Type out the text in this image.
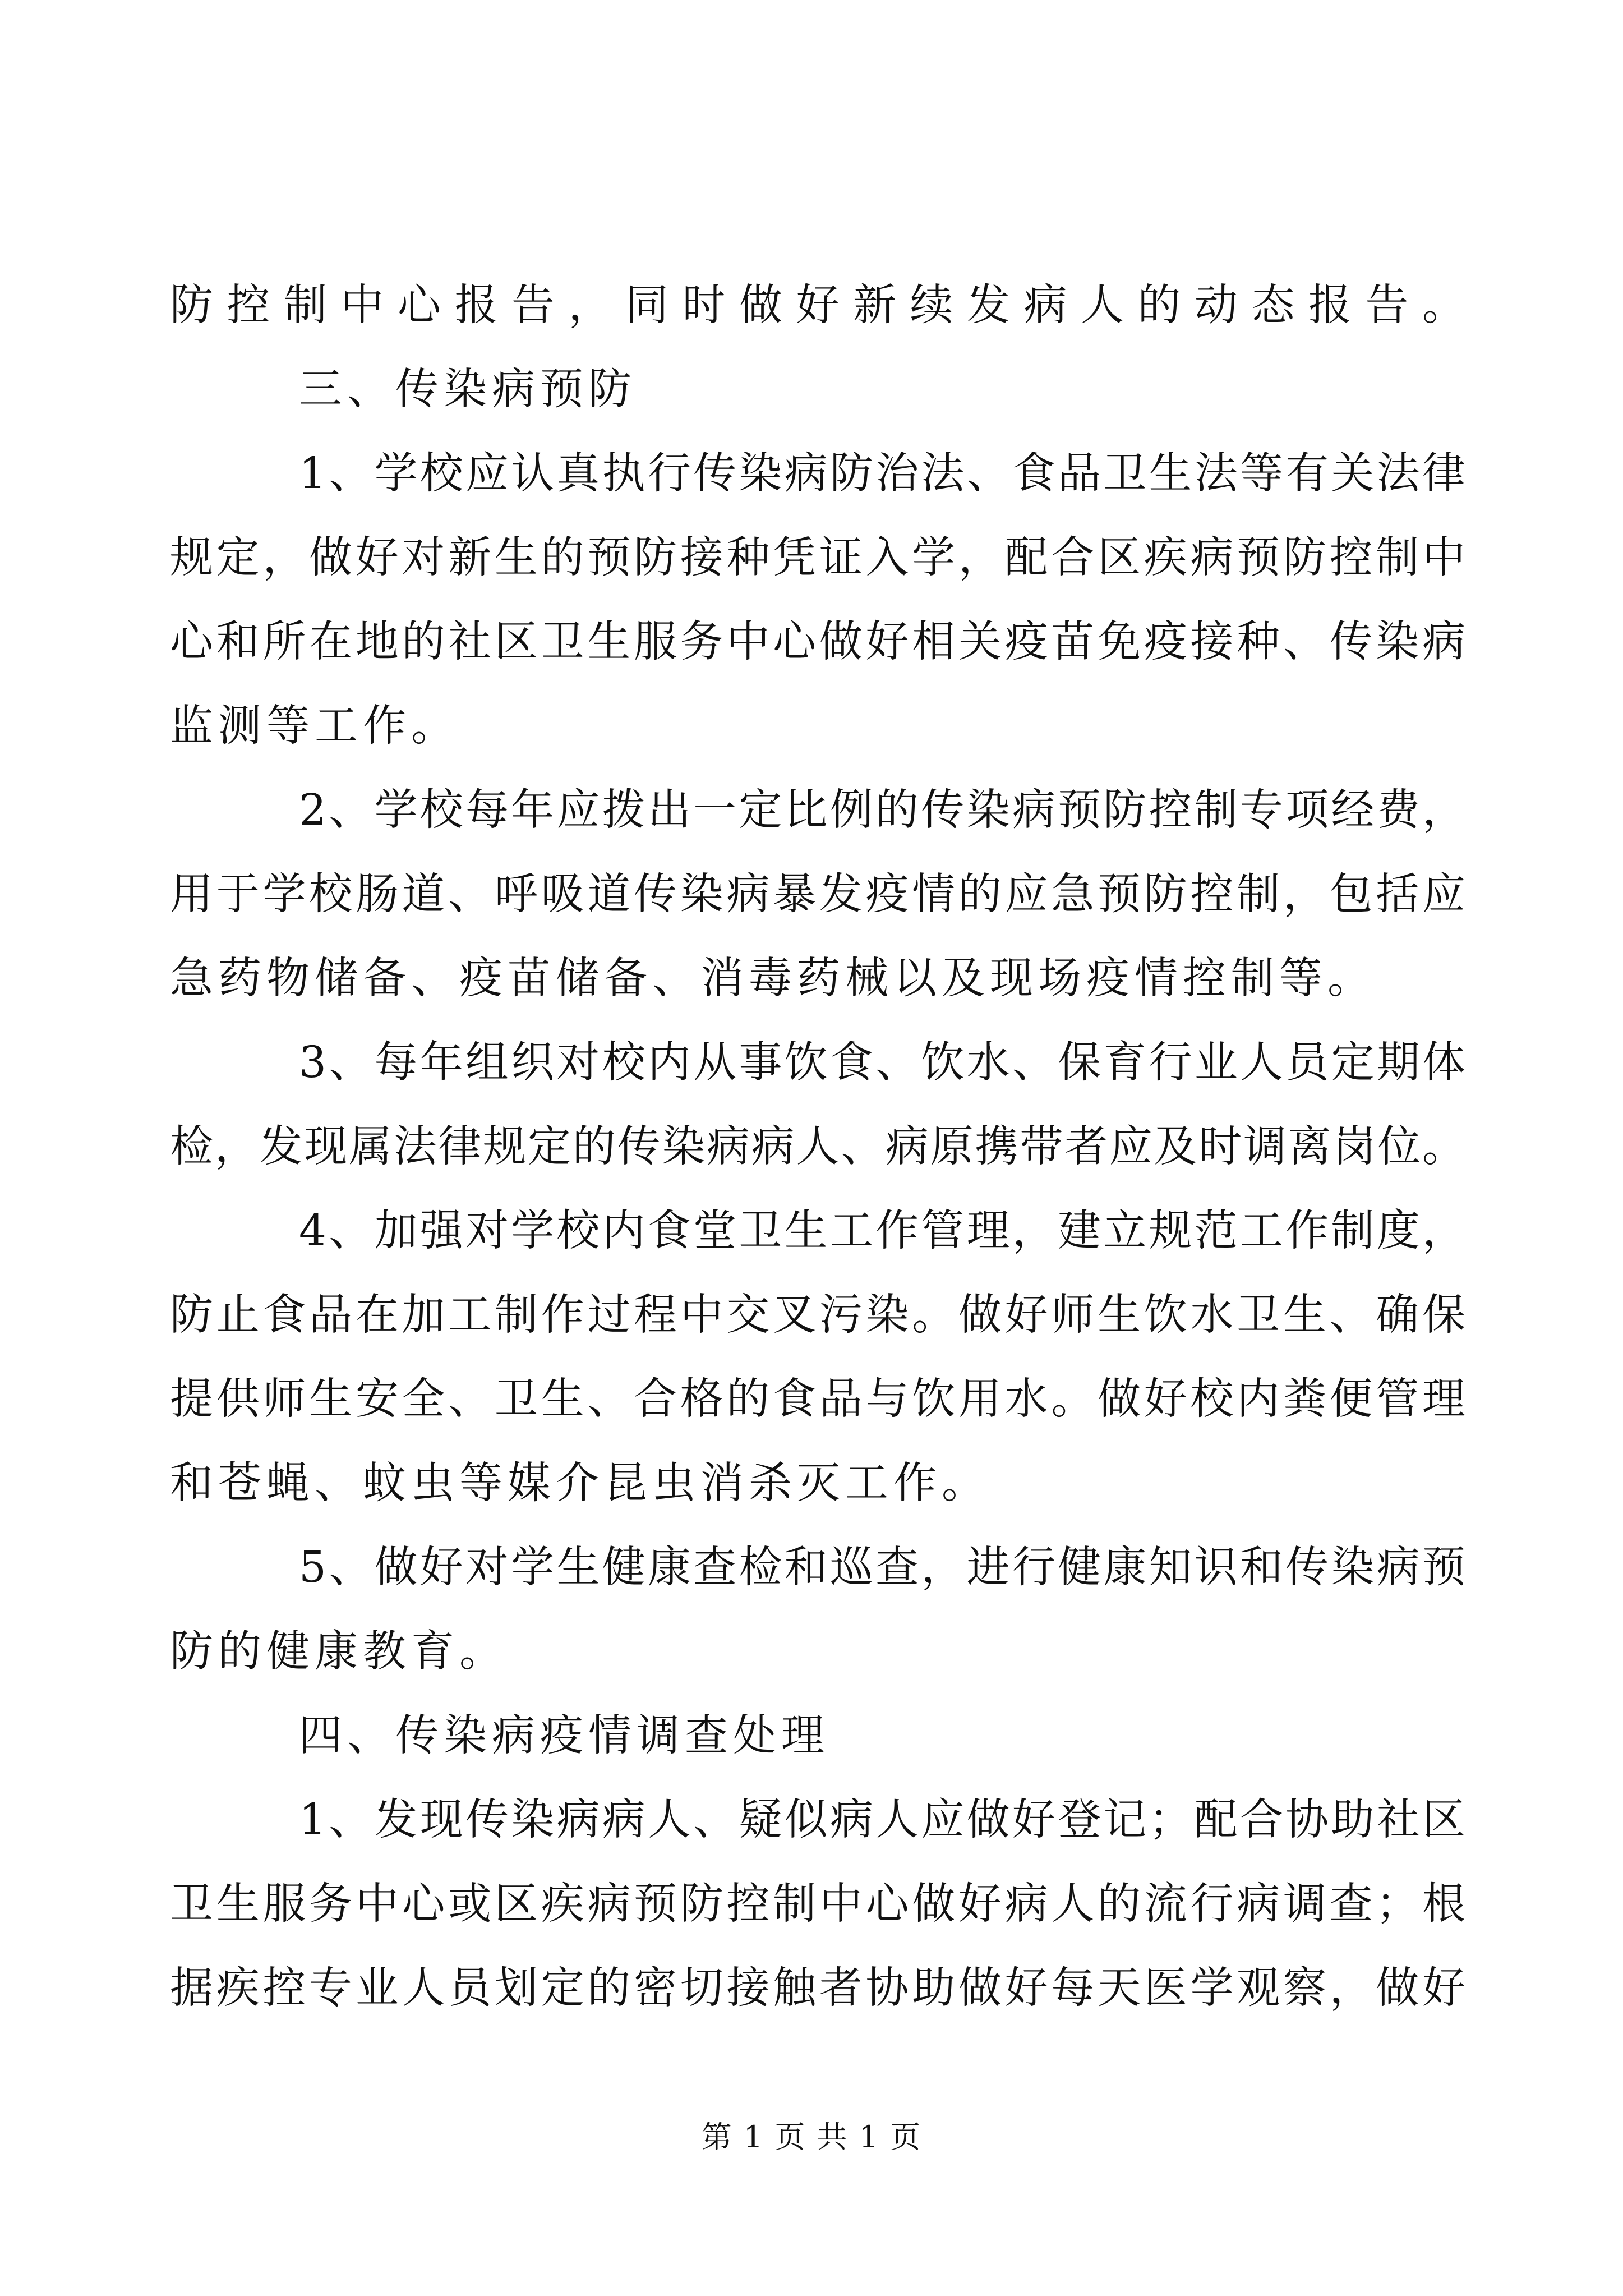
防控制中心报告，同时做好新续发病人的动态报告。
三、传染病预防
1、学校应认真执行传染病防治法、食品卫生法等有关法律
规定，做好对新生的预防接种凭证入学，配合区疾病预防控制中
心和所在地的社区卫生服务中心做好相关疫苗免疫接种、传染病
监测等工作。
2、学校每年应拨出一定比例的传染病预防控制专项经费，
用于学校肠道、呼吸道传染病暴发疫情的应急预防控制，包括应
急药物储备、疫苗储备、消毒药械以及现场疫情控制等。
3、每年组织对校内从事饮食、饮水、保育行业人员定期体
检，发现属法律规定的传染病病人、病原携带者应及时调离岗位。
4、加强对学校内食堂卫生工作管理，建立规范工作制度，
防止食品在加工制作过程中交叉污染。做好师生饮水卫生、确保
提供师生安全、卫生、合格的食品与饮用水。做好校内粪便管理
和苍蝇、蚊虫等媒介昆虫消杀灭工作。
5、做好对学生健康查检和巡查，进行健康知识和传染病预
防的健康教育。
四、传染病疫情调查处理
1、发现传染病病人、疑似病人应做好登记；配合协助社区
卫生服务中心或区疾病预防控制中心做好病人的流行病调查；根
据疾控专业人员划定的密切接触者协助做好每天医学观察，做好
第 1 页 共 1 页
